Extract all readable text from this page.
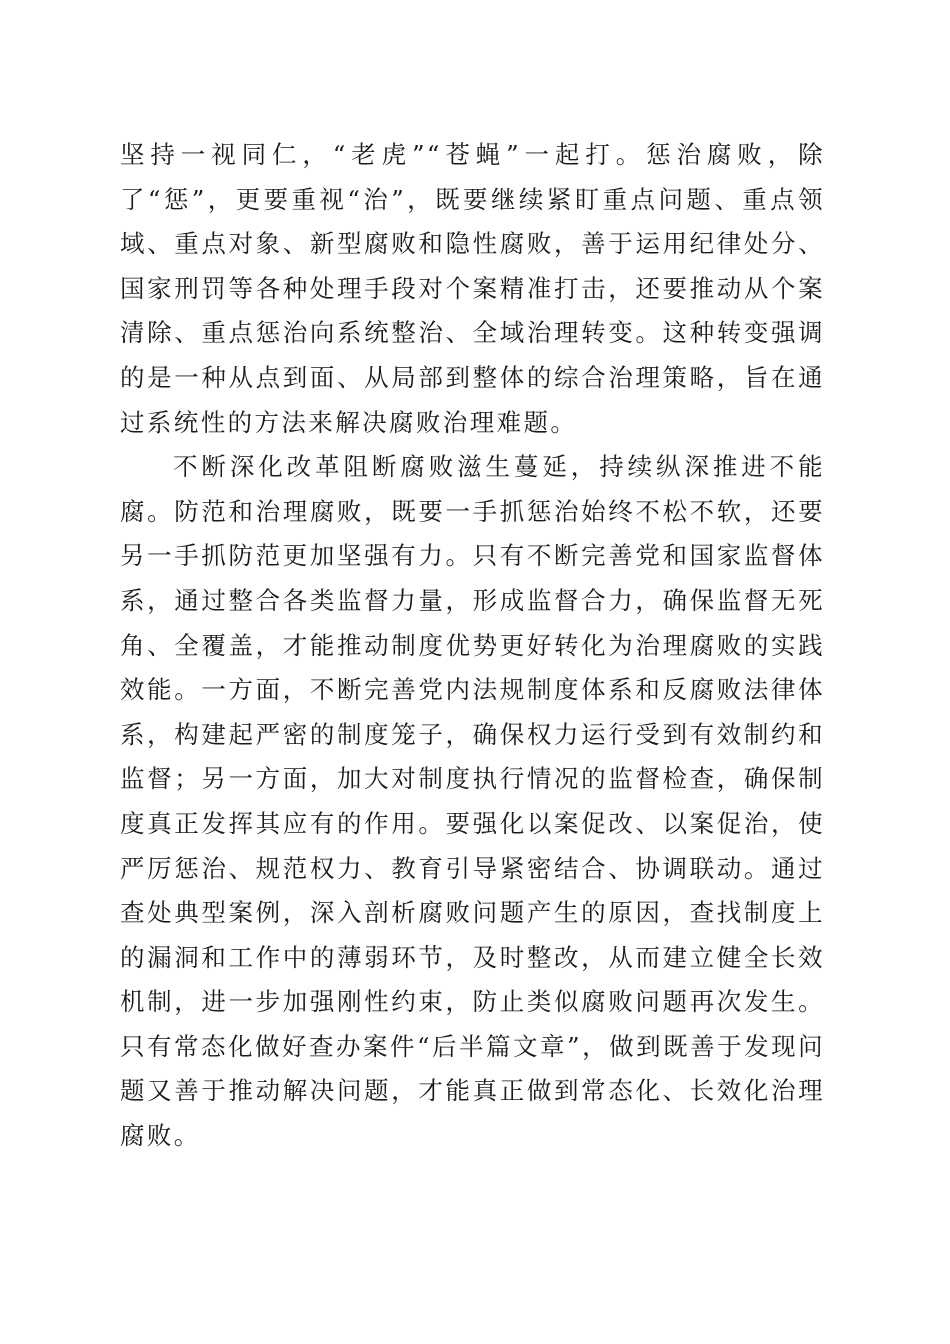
坚持一视同仁，“老虎”“苍蝇”一起打。惩治腐败，除了“惩”，更要重视“治”，既要继续紧盯重点问题、重点领域、重点对象、新型腐败和隐性腐败，善于运用纪律处分、国家刑罚等各种处理手段对个案精准打击，还要推动从个案清除、重点惩治向系统整治、全域治理转变。这种转变强调的是一种从点到面、从局部到整体的综合治理策略，旨在通过系统性的方法来解决腐败治理难题。

不断深化改革阻断腐败滋生蔓延，持续纵深推进不能腐。防范和治理腐败，既要一手抓惩治始终不松不软，还要另一手抓防范更加坚强有力。只有不断完善党和国家监督体系，通过整合各类监督力量，形成监督合力，确保监督无死角、全覆盖，才能推动制度优势更好转化为治理腐败的实践效能。一方面，不断完善党内法规制度体系和反腐败法律体系，构建起严密的制度笼子，确保权力运行受到有效制约和监督；另一方面，加大对制度执行情况的监督检查，确保制度真正发挥其应有的作用。要强化以案促改、以案促治，使严厉惩治、规范权力、教育引导紧密结合、协调联动。通过查处典型案例，深入剖析腐败问题产生的原因，查找制度上的漏洞和工作中的薄弱环节，及时整改，从而建立健全长效机制，进一步加强刚性约束，防止类似腐败问题再次发生。只有常态化做好查办案件“后半篇文章”，做到既善于发现问题又善于推动解决问题，才能真正做到常态化、长效化治理腐败。
